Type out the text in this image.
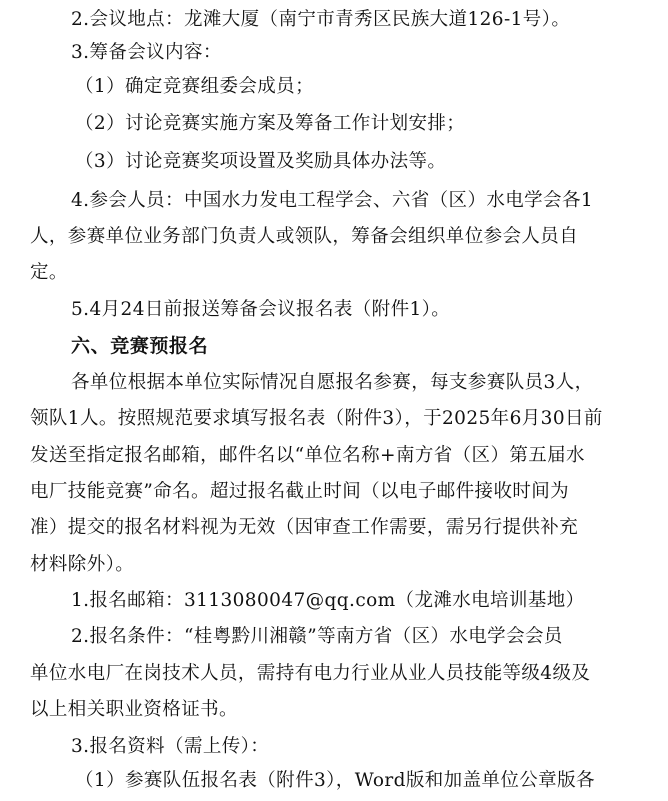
2.会议地点：龙滩大厦（南宁市青秀区民族大道126-1号）。
3.筹备会议内容：
（1）确定竞赛组委会成员；
（2）讨论竞赛实施方案及筹备工作计划安排；
（3）讨论竞赛奖项设置及奖励具体办法等。
4.参会人员：中国水力发电工程学会、六省（区）水电学会各1
人，参赛单位业务部门负责人或领队，筹备会组织单位参会人员自
定。
5.4月24日前报送筹备会议报名表（附件1）。
六、竞赛预报名
各单位根据本单位实际情况自愿报名参赛，每支参赛队员3人，
领队1人。按照规范要求填写报名表（附件3），于2025年6月30日前
发送至指定报名邮箱，邮件名以“单位名称+南方省（区）第五届水
电厂技能竞赛”命名。超过报名截止时间（以电子邮件接收时间为
准）提交的报名材料视为无效（因审查工作需要，需另行提供补充
材料除外）。
1.报名邮箱：3113080047@qq.com（龙滩水电培训基地）
2.报名条件：“桂粤黔川湘赣”等南方省（区）水电学会会员
单位水电厂在岗技术人员，需持有电力行业从业人员技能等级4级及
以上相关职业资格证书。
3.报名资料（需上传）：
（1）参赛队伍报名表（附件3），Word版和加盖单位公章版各
